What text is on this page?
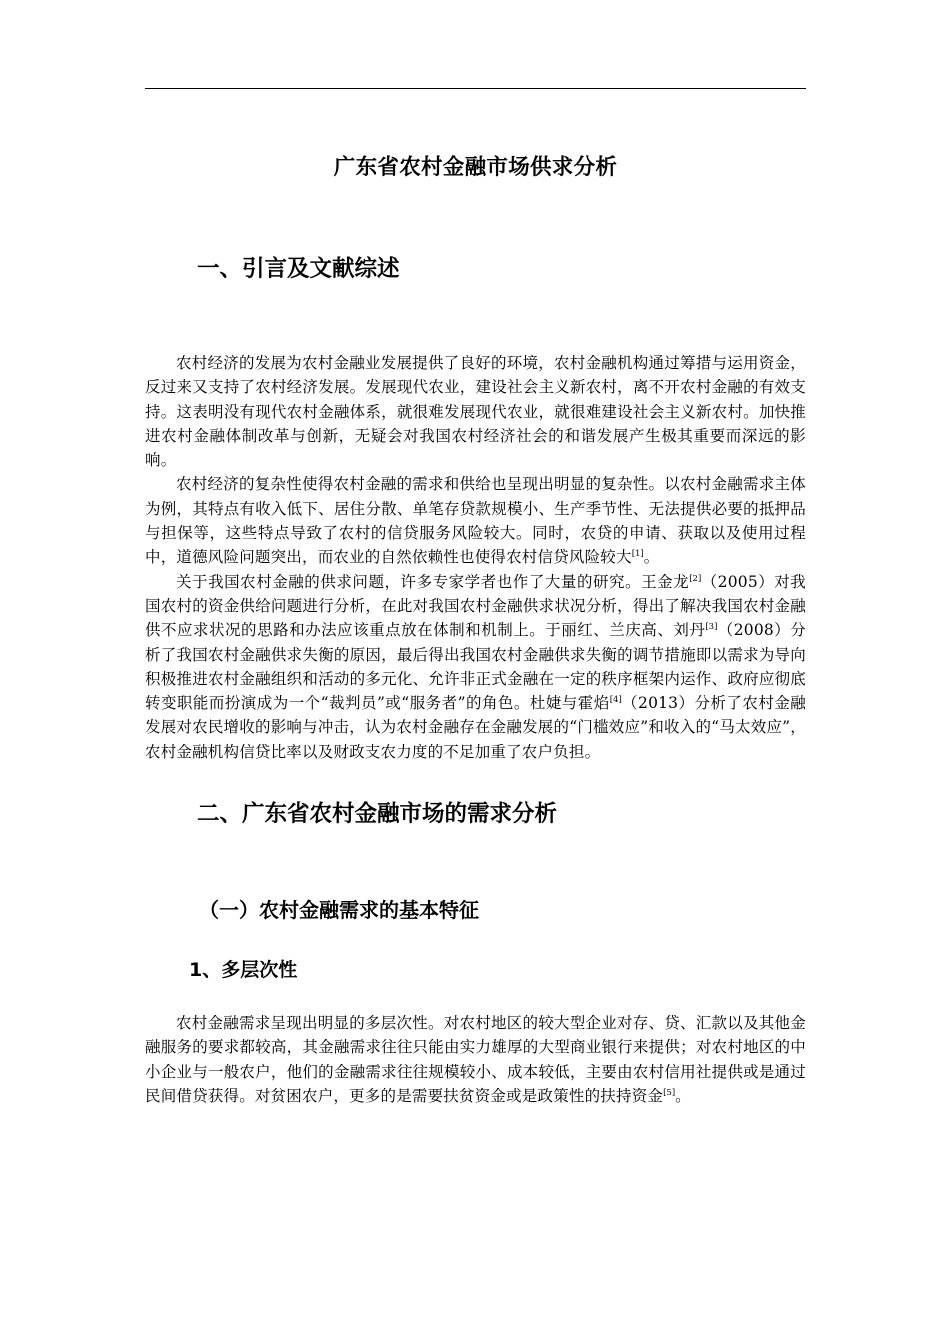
广东省农村金融市场供求分析
一、引言及文献综述

农村经济的发展为农村金融业发展提供了良好的环境，农村金融机构通过筹措与运用资金，反过来又支持了农村经济发展。发展现代农业，建设社会主义新农村，离不开农村金融的有效支持。这表明没有现代农村金融体系，就很难发展现代农业，就很难建设社会主义新农村。加快推进农村金融体制改革与创新，无疑会对我国农村经济社会的和谐发展产生极其重要而深远的影响。

农村经济的复杂性使得农村金融的需求和供给也呈现出明显的复杂性。以农村金融需求主体为例，其特点有收入低下、居住分散、单笔存贷款规模小、生产季节性、无法提供必要的抵押品与担保等，这些特点导致了农村的信贷服务风险较大。同时，农贷的申请、获取以及使用过程中，道德风险问题突出，而农业的自然依赖性也使得农村信贷风险较大[1]。

关于我国农村金融的供求问题，许多专家学者也作了大量的研究。王金龙[2]（2005）对我国农村的资金供给问题进行分析，在此对我国农村金融供求状况分析，得出了解决我国农村金融供不应求状况的思路和办法应该重点放在体制和机制上。于丽红、兰庆高、刘丹[3]（2008）分析了我国农村金融供求失衡的原因，最后得出我国农村金融供求失衡的调节措施即以需求为导向积极推进农村金融组织和活动的多元化、允许非正式金融在一定的秩序框架内运作、政府应彻底转变职能而扮演成为一个“裁判员”或“服务者”的角色。杜婕与霍焰[4]（2013）分析了农村金融发展对农民增收的影响与冲击，认为农村金融存在金融发展的“门槛效应”和收入的“马太效应”，农村金融机构信贷比率以及财政支农力度的不足加重了农户负担。

二、广东省农村金融市场的需求分析
（一）农村金融需求的基本特征
1、多层次性

农村金融需求呈现出明显的多层次性。对农村地区的较大型企业对存、贷、汇款以及其他金融服务的要求都较高，其金融需求往往只能由实力雄厚的大型商业银行来提供；对农村地区的中小企业与一般农户，他们的金融需求往往规模较小、成本较低，主要由农村信用社提供或是通过民间借贷获得。对贫困农户，更多的是需要扶贫资金或是政策性的扶持资金[5]。
